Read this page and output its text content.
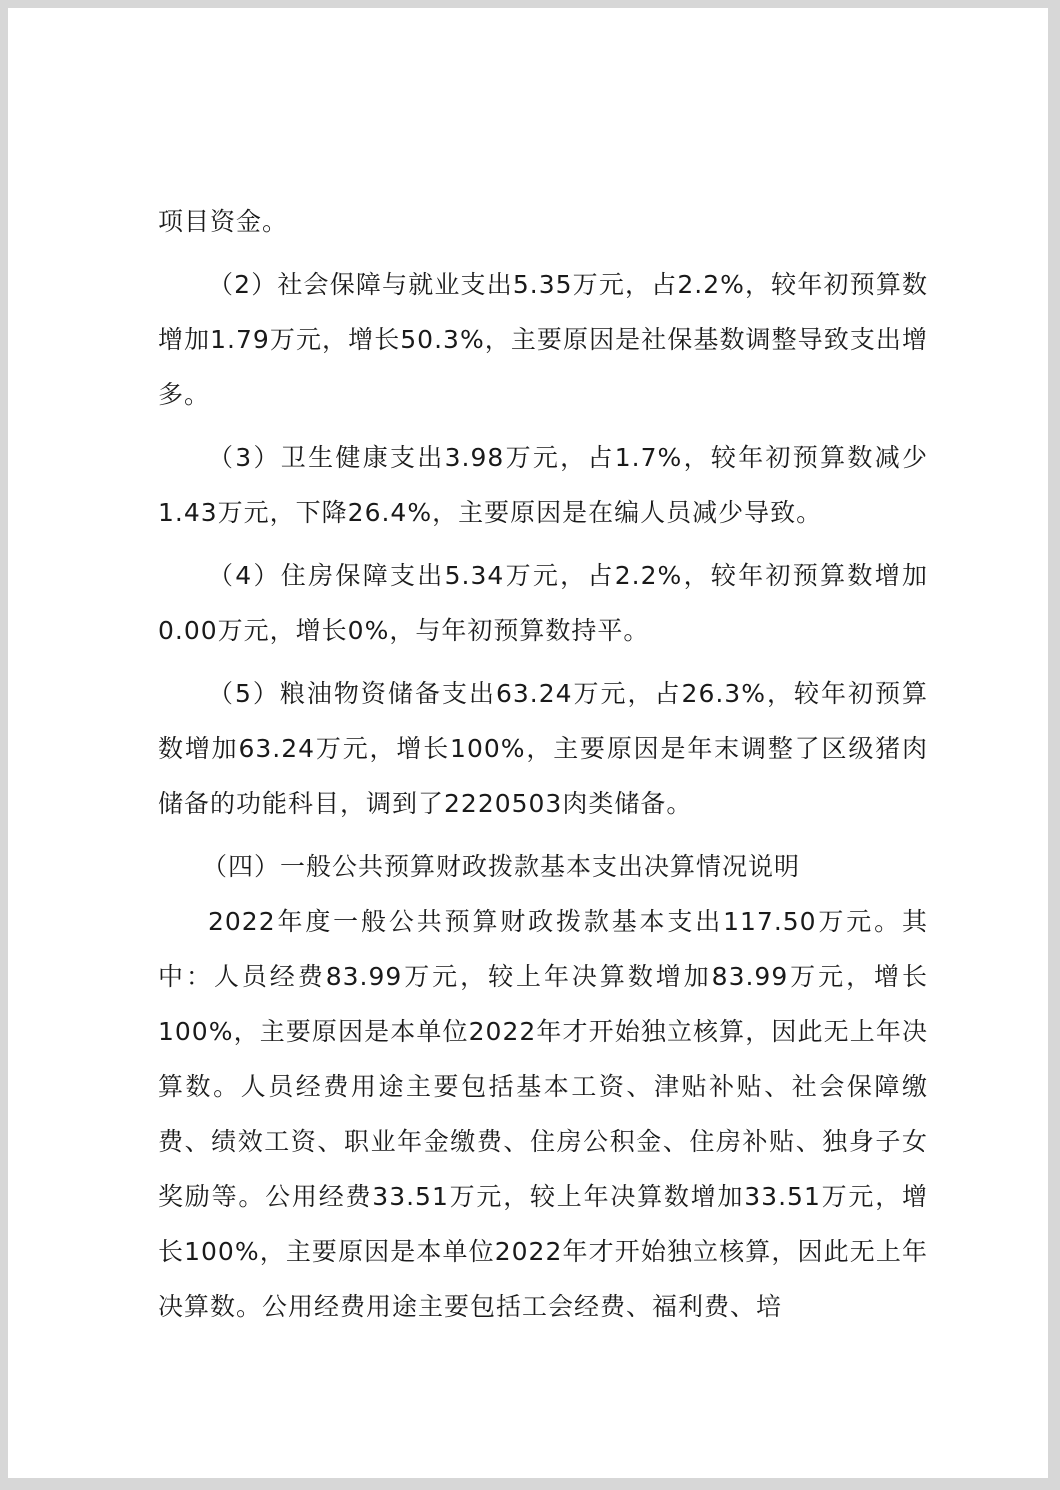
项目资金。

（2）社会保障与就业支出5.35万元，占2.2%，较年初预算数增加1.79万元，增长50.3%，主要原因是社保基数调整导致支出增多。

（3）卫生健康支出3.98万元，占1.7%，较年初预算数减少1.43万元，下降26.4%，主要原因是在编人员减少导致。

（4）住房保障支出5.34万元，占2.2%，较年初预算数增加0.00万元，增长0%，与年初预算数持平。

（5）粮油物资储备支出63.24万元，占26.3%，较年初预算数增加63.24万元，增长100%，主要原因是年末调整了区级猪肉储备的功能科目，调到了2220503肉类储备。

（四）一般公共预算财政拨款基本支出决算情况说明

2022年度一般公共预算财政拨款基本支出117.50万元。其中：人员经费83.99万元，较上年决算数增加83.99万元，增长100%，主要原因是本单位2022年才开始独立核算，因此无上年决算数。人员经费用途主要包括基本工资、津贴补贴、社会保障缴费、绩效工资、职业年金缴费、住房公积金、住房补贴、独身子女奖励等。公用经费33.51万元，较上年决算数增加33.51万元，增长100%，主要原因是本单位2022年才开始独立核算，因此无上年决算数。公用经费用途主要包括工会经费、福利费、培
